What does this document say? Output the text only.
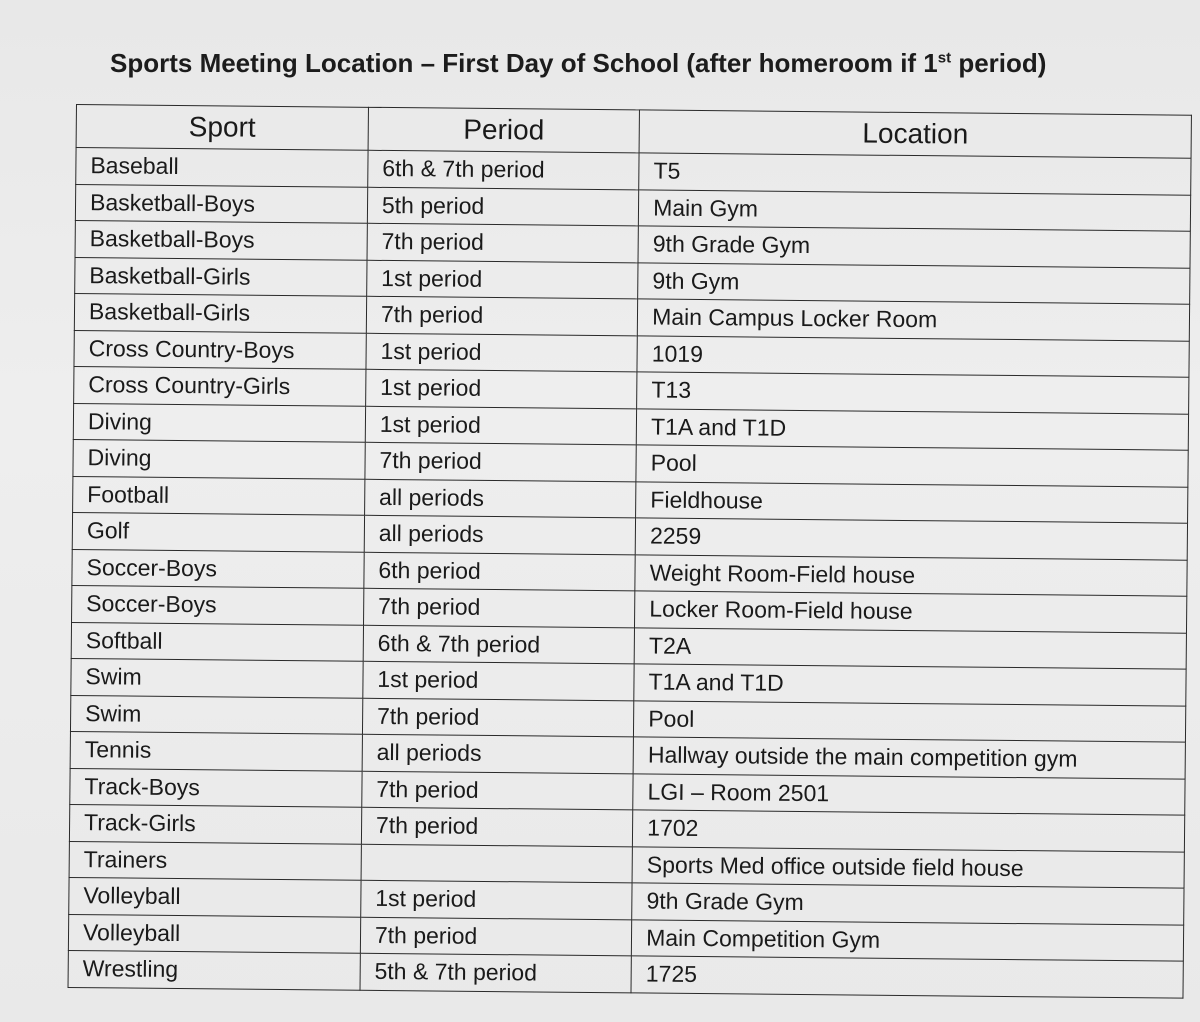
Sports Meeting Location – First Day of School (after homeroom if 1st period)
Sport	Period	Location
Baseball	6th & 7th period	T5
Basketball-Boys	5th period	Main Gym
Basketball-Boys	7th period	9th Grade Gym
Basketball-Girls	1st period	9th Gym
Basketball-Girls	7th period	Main Campus Locker Room
Cross Country-Boys	1st period	1019
Cross Country-Girls	1st period	T13
Diving	1st period	T1A and T1D
Diving	7th period	Pool
Football	all periods	Fieldhouse
Golf	all periods	2259
Soccer-Boys	6th period	Weight Room-Field house
Soccer-Boys	7th period	Locker Room-Field house
Softball	6th & 7th period	T2A
Swim	1st period	T1A and T1D
Swim	7th period	Pool
Tennis	all periods	Hallway outside the main competition gym
Track-Boys	7th period	LGI – Room 2501
Track-Girls	7th period	1702
Trainers		Sports Med office outside field house
Volleyball	1st period	9th Grade Gym
Volleyball	7th period	Main Competition Gym
Wrestling	5th & 7th period	1725
